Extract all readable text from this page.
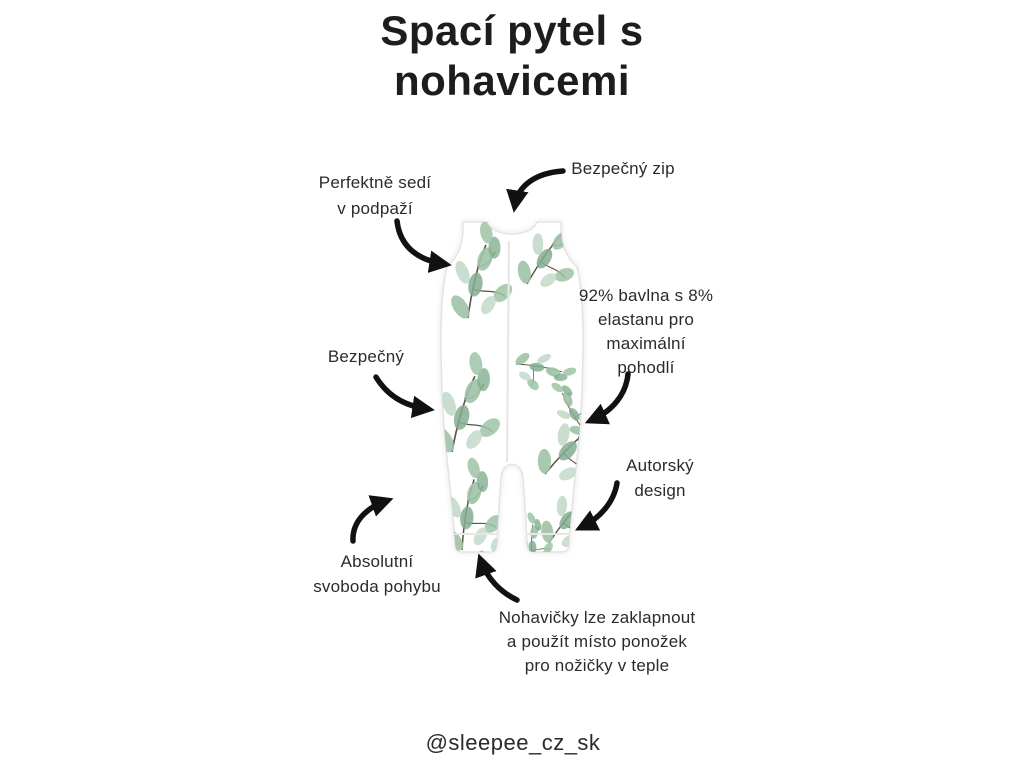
Spací pytel s
nohavicemi
Perfektně sedí
v podpaží
Bezpečný zip
92% bavlna s 8%
elastanu pro
maximální
pohodlí
Bezpečný
Autorský
design
Absolutní
svoboda pohybu
Nohavičky lze zaklapnout
a použít místo ponožek
pro nožičky v teple
@sleepee_cz_sk
